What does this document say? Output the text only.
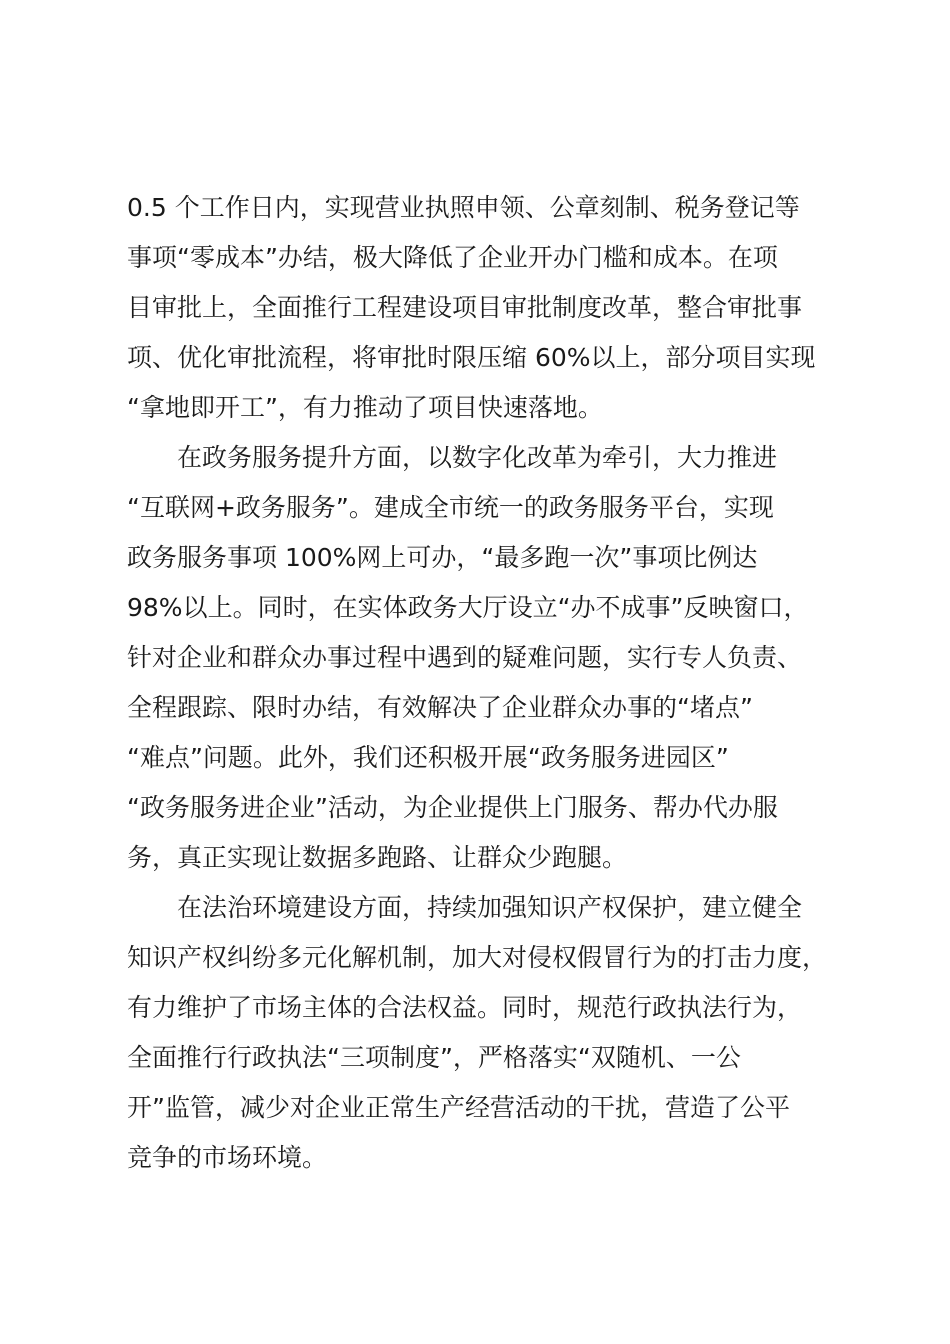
0.5 个工作日内，实现营业执照申领、公章刻制、税务登记等
事项“零成本”办结，极大降低了企业开办门槛和成本。在项
目审批上，全面推行工程建设项目审批制度改革，整合审批事
项、优化审批流程，将审批时限压缩 60%以上，部分项目实现
“拿地即开工”，有力推动了项目快速落地。
　　在政务服务提升方面，以数字化改革为牵引，大力推进
“互联网+政务服务”。建成全市统一的政务服务平台，实现
政务服务事项 100%网上可办，“最多跑一次”事项比例达
98%以上。同时，在实体政务大厅设立“办不成事”反映窗口，
针对企业和群众办事过程中遇到的疑难问题，实行专人负责、
全程跟踪、限时办结，有效解决了企业群众办事的“堵点”
“难点”问题。此外，我们还积极开展“政务服务进园区”
“政务服务进企业”活动，为企业提供上门服务、帮办代办服
务，真正实现让数据多跑路、让群众少跑腿。
　　在法治环境建设方面，持续加强知识产权保护，建立健全
知识产权纠纷多元化解机制，加大对侵权假冒行为的打击力度，
有力维护了市场主体的合法权益。同时，规范行政执法行为，
全面推行行政执法“三项制度”，严格落实“双随机、一公
开”监管，减少对企业正常生产经营活动的干扰，营造了公平
竞争的市场环境。
